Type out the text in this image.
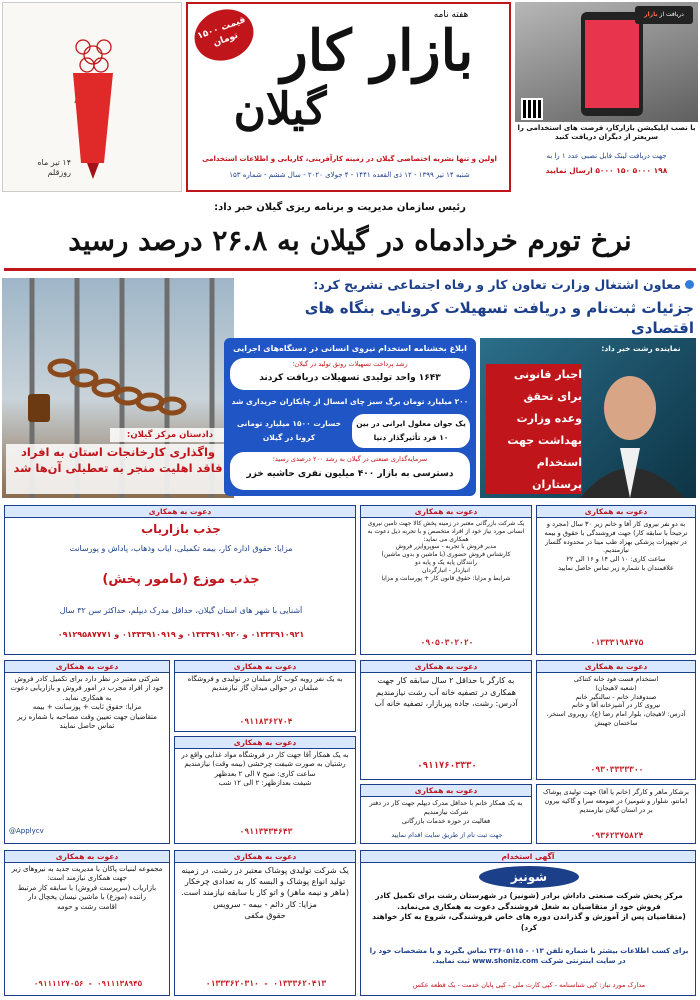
۱۴ تیر ماه
روزقلم
قیمت ۱۵۰۰ تومان
هفته نامه
بازار کار
گیلان
اولین و تنها نشریه اختصاصی گیلان در زمینه کارآفرینی، کاریابی و اطلاعات استخدامی
شنبه ۱۴ تیر ۱۳۹۹ - ۱۲ ذی القعده ۱۴۴۱ - ۴ جولای ۲۰۲۰ - سال ششم - شماره ۱۵۳
دریافت از بازار
با نصب اپلیکیشن بازارکار، فرصت های استخدامی را سریعتر از دیگران دریافت کنید
جهت دریافت لینک فایل نصبی عدد ۱ را به
۱۹۸ ۵۰۰۰ ۱۵۰ ۵۰۰۰ ارسال نمایید
رئیس سازمان مدیریت و برنامه ریزی گیلان خبر داد:
نرخ تورم خردادماه در گیلان به ۲۶.۸ درصد رسید
معاون اشتغال وزارت تعاون کار و رفاه اجتماعی تشریح کرد:
جزئیات ثبت‌نام و دریافت تسهیلات کرونایی بنگاه های اقتصادی
دادستان مرکز گیلان:
واگذاری کارخانجات استان به افراد فاقد اهلیت منجر به تعطیلی آن‌ها شد
ابلاغ بخشنامه استخدام نیروی انسانی در دستگاه‌های اجرایی
رشد پرداخت تسهیلات رونق تولید در گیلان؛
۱۶۴۳ واحد تولیدی تسهیلات دریافت کردند
۲۰۰ میلیارد تومان برگ سبز چای امسال از چایکاران خریداری شد
یک جوان معلول ایرانی در بین ۱۰ فرد تأثیرگذار دنیا
خسارت ۱۵۰۰ میلیارد تومانی کرونا در گیلان
سرمایه‌گذاری صنعتی در گیلان به رشد ۲۰۰ درصدی رسید؛
دسترسی به بازار ۴۰۰ میلیون نفری حاشیه خزر
نماینده رشت خبر داد:
اجبار قانونی
برای تحقق
وعده وزارت
بهداشت جهت
استخدام پرستاران
دعوت به همکاری
جذب بازاریاب
مزایا: حقوق اداره کار، بیمه تکمیلی، ایاب وذهاب، پاداش و پورسانت
جذب موزع (مامور پخش)
آشنایی با شهر های استان گیلان، حداقل مدرک دیپلم، حداکثر سن ۳۲ سال
۰۱۳۳۳۹۱۰۹۲۱ و ۰۱۳۳۳۹۱۰۹۲۰ و ۰۱۳۳۳۹۱۰۹۱۹ و ۰۹۱۲۹۵۸۷۷۷۱
دعوت به همکاری
یک شرکت بازرگانی معتبر در زمینه پخش کالا جهت تامین نیروی انسانی مورد نیاز خود از افراد متخصص و با تجربه ذیل دعوت به همکاری می نماید:
مدیر فروش با تجربه - سوپروایزر فروش
کارشناس فروش حضوری (با ماشین و بدون ماشین)
رانندگان پایه یک و پایه دو
انباردار - انبارگردان
شرایط و مزایا: حقوق قانون کار + پورسانت و مزایا
۰۹۰۵۰۳۰۲۰۲۰
دعوت به همکاری
به دو نفر نیروی کار آقا و خانم زیر ۳۰ سال (مجرد و ترجیحاً با سابقه کار) جهت فروشندگی با حقوق و بیمه در تجهیزات پزشکی بهزاد طب مینا در محدوده گلسار نیازمندیم.
ساعت کاری: ۱۰ الی ۱۴ و ۱۶ الی ۲۲
علاقمندان با شماره زیر تماس حاصل نمایید
۰۱۳۳۳۱۹۸۴۷۵
دعوت به همکاری
استخدام فست فود خانه کتناکی
(شعبه لاهیجان)
صندوقدار خانم - سالنگیر خانم
نیروی کار در آشپزخانه آقا و خانم
آدرس: لاهیجان، بلوار امام رضا (ع)، روبروی استخر، ساختمان جهیش
۰۹۳۰۳۳۳۳۳۰۰
برشکار ماهر و کارگر (خانم یا آقا) جهت تولیدی پوشاک (مانتو، شلوار و شومیز) در صومعه سرا و گاکیه بیرون بر در استان گیلان نیازمندیم
۰۹۳۶۲۳۷۵۸۲۴
دعوت به همکاری
به کارگر با حداقل ۲ سال سابقه کار جهت همکاری در تصفیه خانه آب رشت نیازمندیم
آدرس: رشت، جاده پیربازار، تصفیه خانه آب
۰۹۱۱۷۶۰۳۳۳۰
دعوت به همکاری
به یک همکار خانم با حداقل مدرک دیپلم جهت کار در دفتر شرکت نیازمندیم
فعالیت در حوزه خدمات بازرگانی
جهت ثبت نام از طریق سایت اقدام نمایید
دعوت به همکاری
به یک نفر رویه کوب کار مبلمان در تولیدی و فروشگاه مبلمان در حوالی میدان گاز نیازمندیم
۰۹۱۱۸۳۶۲۷۰۴
دعوت به همکاری
به یک همکار آقا جهت کار در فروشگاه مواد غذایی واقع در رشتیان به صورت شیفت چرخشی (بیمه وقت) نیازمندیم
ساعت کاری: صبح ۷ الی ۲ بعدظهر
شیفت بعدازظهر: ۲ الی ۱۲ شب
۰۹۱۱۳۴۳۴۶۴۳
دعوت به همکاری
شرکتی معتبر در نظر دارد برای تکمیل کادر فروش خود از افراد مجرب در امور فروش و بازاریابی دعوت به همکاری نماید.
مزایا: حقوق ثابت + پورسانت + بیمه
متقاضیان جهت تعیین وقت مصاحبه با شماره زیر تماس حاصل نمایند
@Applycv
دعوت به همکاری
مجموعه لبنیات پاکان با مدیریت جدید به نیروهای زیر جهت همکاری نیازمند است:
بازاریاب (سرپرست فروش) با سابقه کار مرتبط
راننده (موزع) با ماشین نیسان یخچال دار
اقامت رشت و حومه
۰۹۱۱۱۳۸۹۴۵ - ۰۹۱۱۱۱۲۷۰۵۶
دعوت به همکاری
یک شرکت تولیدی پوشاک معتبر در رشت، در زمینه تولید انواع پوشاک و البسه کار به تعدادی چرخکار (ماهر و نیمه ماهر) و اتو کار با سابقه نیازمند است.
مزایا: کار دائم - بیمه - سرویس
حقوق مکفی
۰۱۳۳۳۶۲۰۴۱۳ - ۰۱۳۳۳۶۲۰۳۱۰
آگهی استخدام
شونیز
مرکز پخش شرکت صنعتی داداش برادر (شونیز) در شهرستان رشت برای تکمیل کادر فروش خود از متقاضیان به شغل فروشندگی دعوت به همکاری می‌نماید.
(متقاضیان پس از آموزش و گذراندن دوره های خاص فروشندگی، شروع به کار خواهند کرد)
برای کسب اطلاعات بیشتر با شماره تلفن ۰۱۳ - ۳۳۶۰۵۱۱۵ تماس بگیرید و یا مشخصات خود را در سایت اینترنتی شرکت www.shoniz.com ثبت نمایید.
مدارک مورد نیاز: کپی شناسنامه - کپی کارت ملی - کپی پایان خدمت - یک قطعه عکس
